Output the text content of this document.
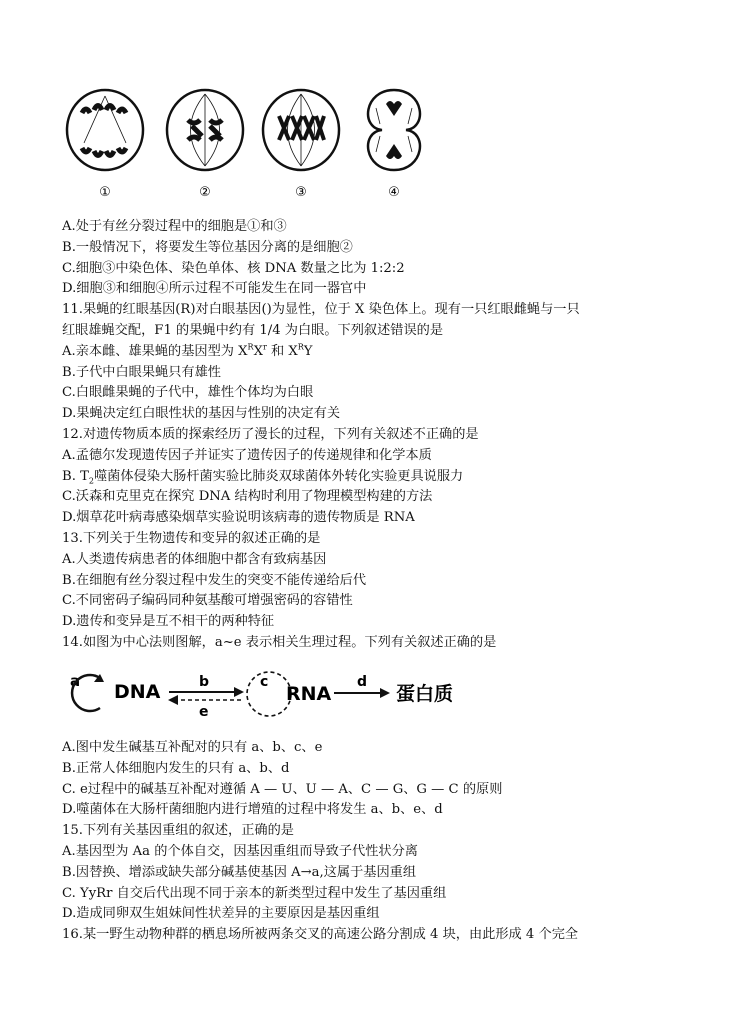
①	②	③	④
A.处于有丝分裂过程中的细胞是①和③
B.一般情况下，将要发生等位基因分离的是细胞②
C.细胞③中染色体、染色单体、核 DNA 数量之比为 1:2:2
D.细胞③和细胞④所示过程不可能发生在同一器官中
11.果蝇的红眼基因(R)对白眼基因()为显性，位于 X 染色体上。现有一只红眼雌蝇与一只
红眼雄蝇交配，F1 的果蝇中约有 1/4 为白眼。下列叙述错误的是
A.亲本雌、雄果蝇的基因型为 $X^RX^r$ 和 $X^RY$
B.子代中白眼果蝇只有雄性
C.白眼雌果蝇的子代中，雄性个体均为白眼
D.果蝇决定红白眼性状的基因与性别的决定有关
12.对遗传物质本质的探索经历了漫长的过程，下列有关叙述不正确的是
A.孟德尔发现遗传因子并证实了遗传因子的传递规律和化学本质
B. $T_2$噬菌体侵染大肠杆菌实验比肺炎双球菌体外转化实验更具说服力
C.沃森和克里克在探究 DNA 结构时利用了物理模型构建的方法
D.烟草花叶病毒感染烟草实验说明该病毒的遗传物质是 RNA
13.下列关于生物遗传和变异的叙述正确的是
A.人类遗传病患者的体细胞中都含有致病基因
B.在细胞有丝分裂过程中发生的突变不能传递给后代
C.不同密码子编码同种氨基酸可增强密码的容错性
D.遗传和变异是互不相干的两种特征
14.如图为中心法则图解，a~e 表示相关生理过程。下列有关叙述正确的是
a DNA	b
e
c
RNA
d
蛋白质
A.图中发生碱基互补配对的只有 a、b、c、e
B.正常人体细胞内发生的只有 a、b、d
C. e过程中的碱基互补配对遵循 A — U、U — A、C — G、G — C 的原则
D.噬菌体在大肠杆菌细胞内进行增殖的过程中将发生 a、b、e、d
15.下列有关基因重组的叙述，正确的是
A.基因型为 Aa 的个体自交，因基因重组而导致子代性状分离
B.因替换、增添或缺失部分碱基使基因 A→a,这属于基因重组
C. YyRr 自交后代出现不同于亲本的新类型过程中发生了基因重组
D.造成同卵双生姐妹间性状差异的主要原因是基因重组
16.某一野生动物种群的栖息场所被两条交叉的高速公路分割成 4 块，由此形成 4 个完全
